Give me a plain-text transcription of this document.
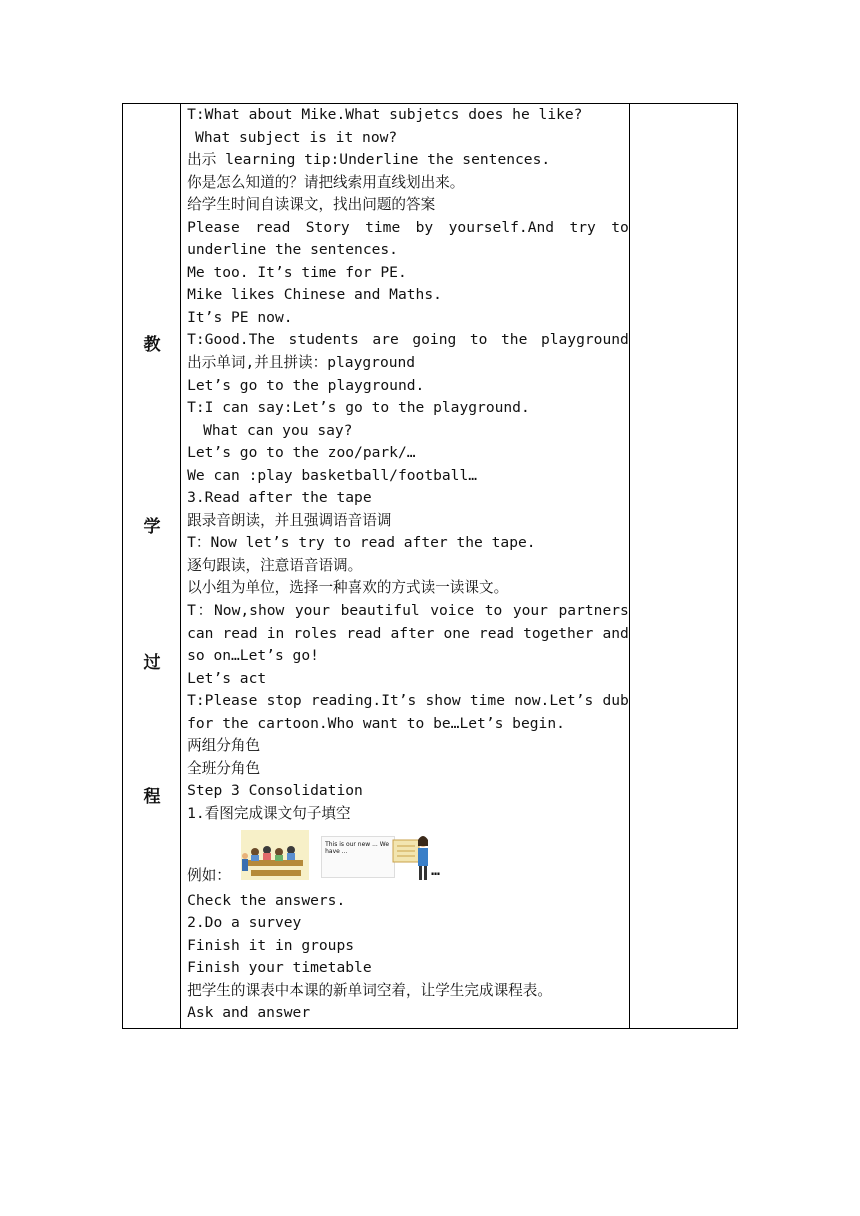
教
学
过
程

T:What about Mike.What subjetcs does he like?
What subject is it now?
出示 learning tip:Underline the sentences.
你是怎么知道的？请把线索用直线划出来。
给学生时间自读课文，找出问题的答案
Please read Story time by yourself.And try to
underline the sentences.
Me too. It’s time for PE.
Mike likes Chinese and Maths.
It’s PE now.
T:Good.The students are going to the playground
出示单词,并且拼读：playground
Let’s go to the playground.
T:I can say:Let’s go to the playground.
What can you say?
Let’s go to the zoo/park/…
We can :play basketball/football…
3.Read after the tape
跟录音朗读，并且强调语音语调
T：Now let’s try to read after the tape.
逐句跟读，注意语音语调。
以小组为单位，选择一种喜欢的方式读一读课文。
T：Now,show your beautiful voice to your partners
can read in roles read after one read together and
so on…Let’s go!
Let’s act
T:Please stop reading.It’s show time now.Let’s dub
for the cartoon.Who want to be…Let’s begin.
两组分角色
全班分角色
Step 3 Consolidation
1.看图完成课文句子填空
例如：
This is our new ... We have ...
…
Check the answers.
2.Do a survey
Finish it in groups
Finish your timetable
把学生的课表中本课的新单词空着，让学生完成课程表。
Ask and answer
